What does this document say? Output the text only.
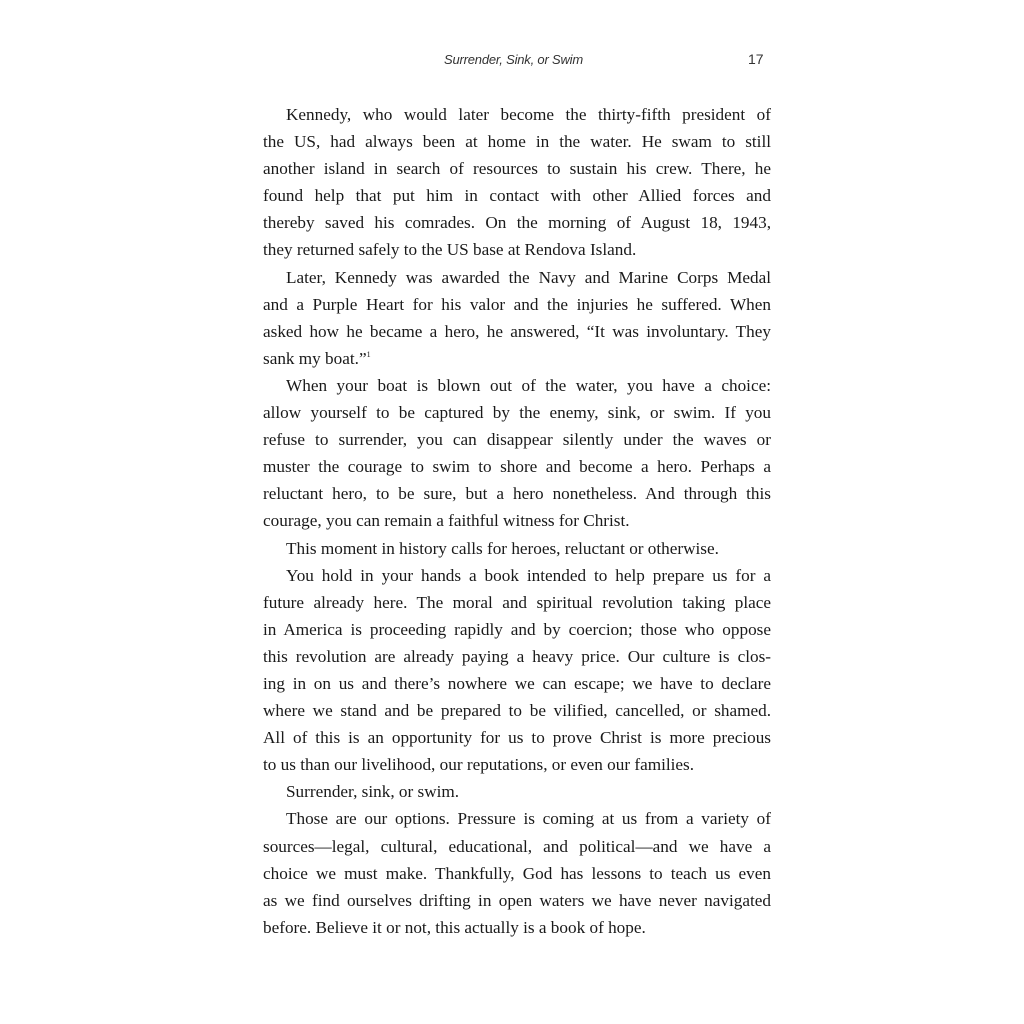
Surrender, Sink, or Swim	17
Kennedy, who would later become the thirty-fifth president of
the US, had always been at home in the water. He swam to still
another island in search of resources to sustain his crew. There, he
found help that put him in contact with other Allied forces and
thereby saved his comrades. On the morning of August 18, 1943,
they returned safely to the US base at Rendova Island.
Later, Kennedy was awarded the Navy and Marine Corps Medal
and a Purple Heart for his valor and the injuries he suffered. When
asked how he became a hero, he answered, “It was involuntary. They
sank my boat.”$^1$
When your boat is blown out of the water, you have a choice:
allow yourself to be captured by the enemy, sink, or swim. If you
refuse to surrender, you can disappear silently under the waves or
muster the courage to swim to shore and become a hero. Perhaps a
reluctant hero, to be sure, but a hero nonetheless. And through this
courage, you can remain a faithful witness for Christ.
This moment in history calls for heroes, reluctant or otherwise.
You hold in your hands a book intended to help prepare us for a
future already here. The moral and spiritual revolution taking place
in America is proceeding rapidly and by coercion; those who oppose
this revolution are already paying a heavy price. Our culture is clos-
ing in on us and there’s nowhere we can escape; we have to declare
where we stand and be prepared to be vilified, cancelled, or shamed.
All of this is an opportunity for us to prove Christ is more precious
to us than our livelihood, our reputations, or even our families.
Surrender, sink, or swim.
Those are our options. Pressure is coming at us from a variety of
sources—legal, cultural, educational, and political—and we have a
choice we must make. Thankfully, God has lessons to teach us even
as we find ourselves drifting in open waters we have never navigated
before. Believe it or not, this actually is a book of hope.
